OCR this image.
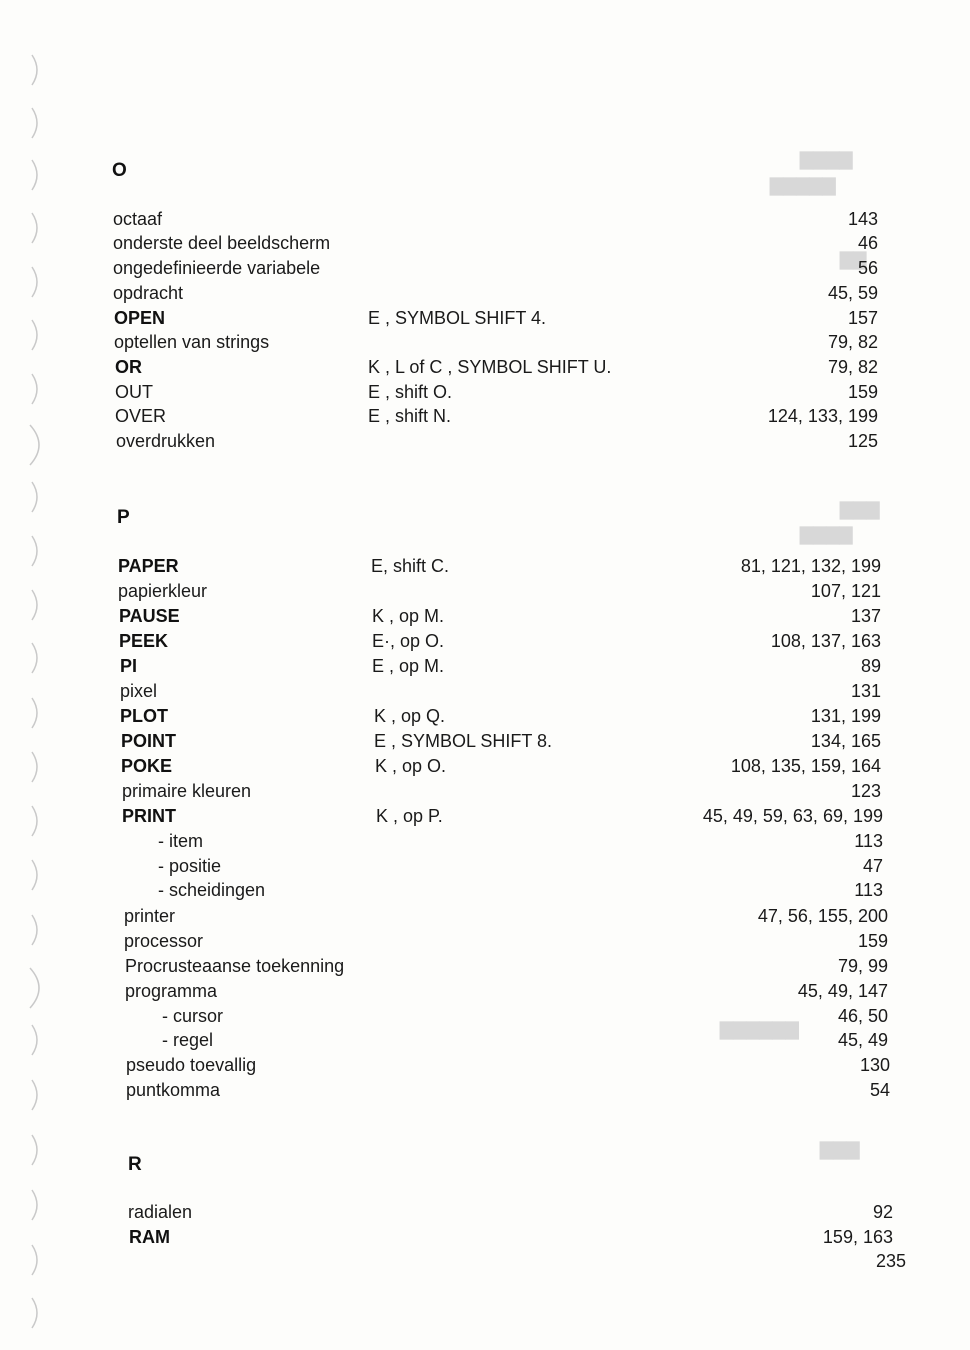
▇▇▇▇
▇▇▇▇▇
▇▇
▇▇▇
▇▇▇▇
▇▇▇
▇▇▇▇▇▇
O
octaaf	143
onderste deel beeldscherm	46
ongedefinieerde variabele	56
opdracht	45, 59
OPEN	E , SYMBOL SHIFT 4.	157
optellen van strings	79, 82
OR	K , L of C , SYMBOL SHIFT U.	79, 82
OUT	E , shift O.	159
OVER	E , shift N.	124, 133, 199
overdrukken	125
P
PAPER	E, shift C.	81, 121, 132, 199
papierkleur	107, 121
PAUSE	K , op M.	137
PEEK	E·, op O.	108, 137, 163
PI	E , op M.	89
pixel	131
PLOT	K , op Q.	131, 199
POINT	E , SYMBOL SHIFT 8.	134, 165
POKE	K , op O.	108, 135, 159, 164
primaire kleuren	123
PRINT	K , op P.	45, 49, 59, 63, 69, 199
- item	113
- positie	47
- scheidingen	113
printer	47, 56, 155, 200
processor	159
Procrusteaanse toekenning	79, 99
programma	45, 49, 147
- cursor	46, 50
- regel	45, 49
pseudo toevallig	130
puntkomma	54
R
radialen	92
RAM	159, 163
235
